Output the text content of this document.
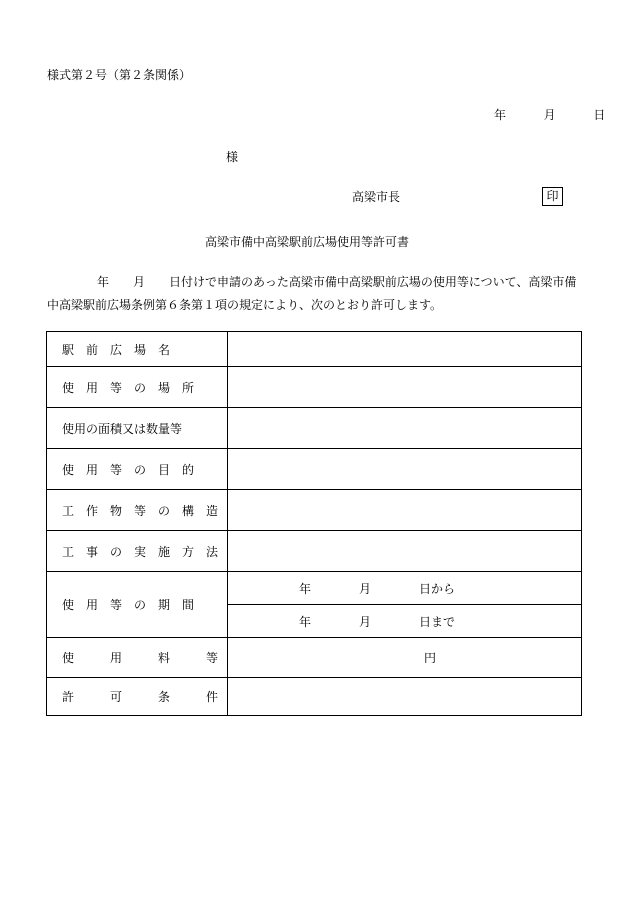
様式第２号（第２条関係）
年	月	日
様
高梁市長	印
高梁市備中高梁駅前広場使用等許可書
年　　月　　日付けで申請のあった高梁市備中高梁駅前広場の使用等について、高梁市備中高梁駅前広場条例第６条第１項の規定により、次のとおり許可します。
駅　前　広　場　名	
使　用　等　の　場　所	
使用の面積又は数量等	
使　用　等　の　目　的	
工　作　物　等　の　構　造	
工　事　の　実　施　方　法	
使　用　等　の　期　間	年　　　　月　　　　日から

	年　　　　月　　　　日まで

使　　　用　　　料　　　等	円
許　　　可　　　条　　　件	
